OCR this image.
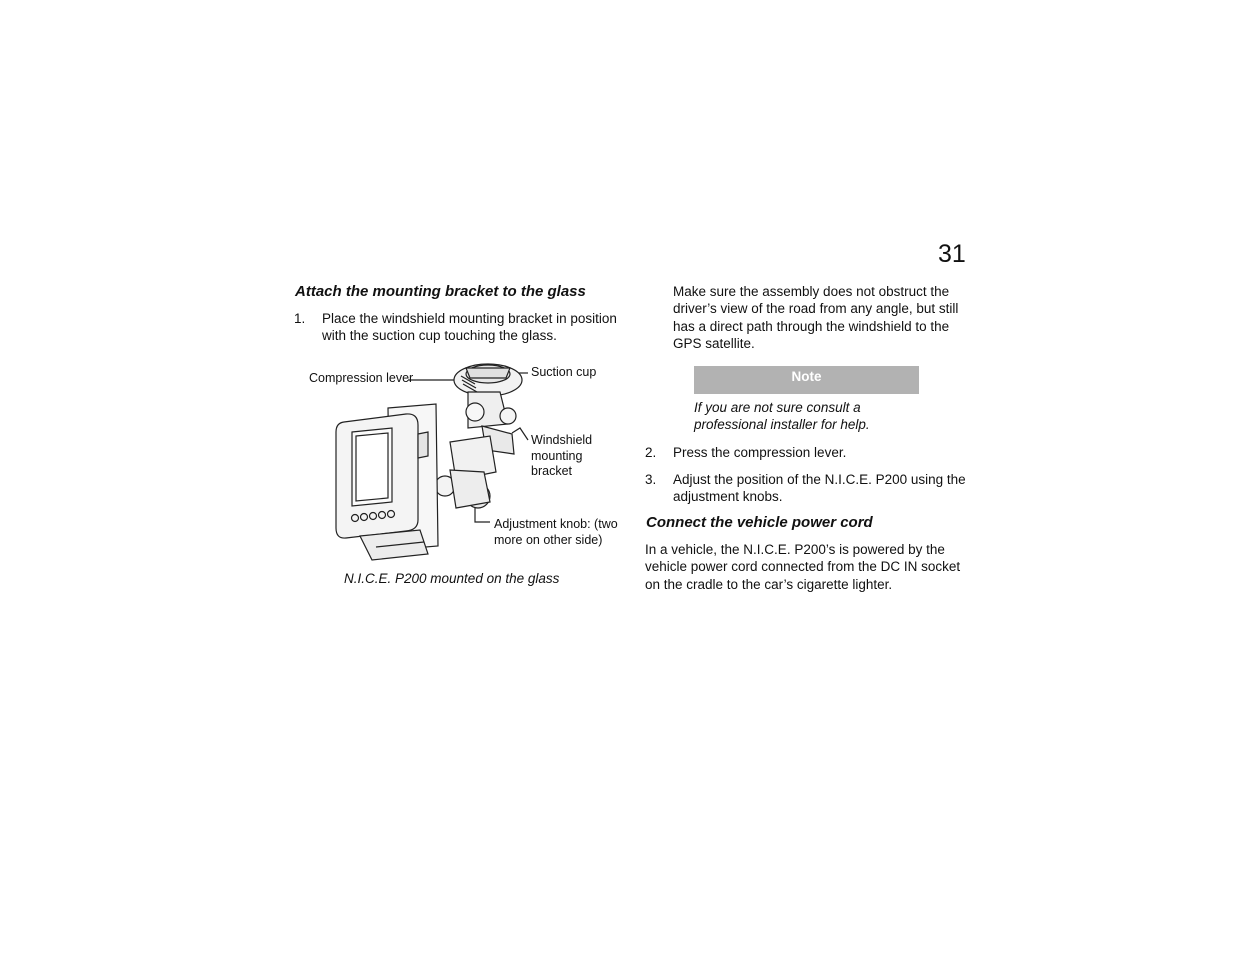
31
Attach the mounting bracket to the glass
1. Place the windshield mounting bracket in position with the suction cup touching the glass.
Compression lever	Suction cup
Windshield mounting bracket
Adjustment knob: (two more on other side)
N.I.C.E. P200 mounted on the glass
Make sure the assembly does not obstruct the driver’s view of the road from any angle, but still has a direct path through the windshield to the GPS satellite.
Note
If you are not sure consult a professional installer for help.
2. Press the compression lever.
3. Adjust the position of the N.I.C.E. P200 using the adjustment knobs.
Connect the vehicle power cord
In a vehicle, the N.I.C.E. P200’s is powered by the vehicle power cord connected from the DC IN socket on the cradle to the car’s cigarette lighter.
